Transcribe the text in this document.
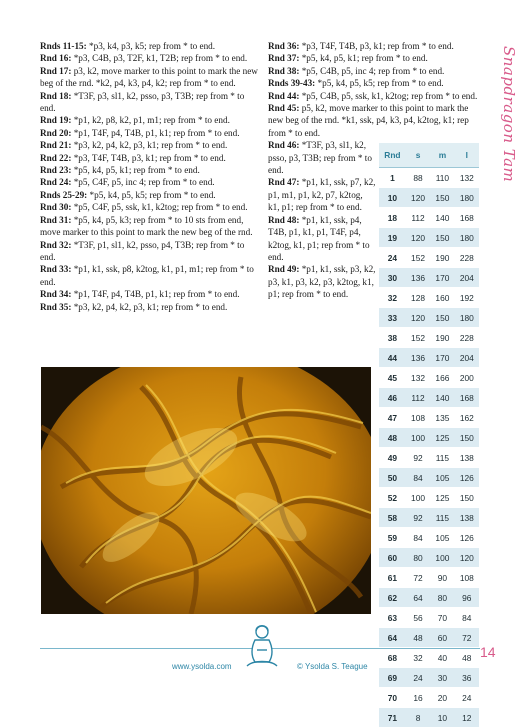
Snapdragon Tam

Rnds 11-15: *p3, k4, p3, k5; rep from * to end.

Rnd 16: *p3, C4B, p3, T2F, k1, T2B; rep from * to end.

Rnd 17: p3, k2, move marker to this point to mark the new beg of the rnd. *k2, p4, k3, p4, k2; rep from * to end.

Rnd 18: *T3F, p3, sl1, k2, psso, p3, T3B; rep from * to end.

Rnd 19: *p1, k2, p8, k2, p1, m1; rep from * to end.

Rnd 20: *p1, T4F, p4, T4B, p1, k1; rep from * to end.

Rnd 21: *p3, k2, p4, k2, p3, k1; rep from * to end.

Rnd 22: *p3, T4F, T4B, p3, k1; rep from * to end.

Rnd 23: *p5, k4, p5, k1; rep from * to end.

Rnd 24: *p5, C4F, p5, inc 4; rep from * to end.

Rnds 25-29: *p5, k4, p5, k5; rep from * to end.

Rnd 30: *p5, C4F, p5, ssk, k1, k2tog; rep from * to end.

Rnd 31: *p5, k4, p5, k3; rep from * to 10 sts from end, move marker to this point to mark the new beg of the rnd.

Rnd 32: *T3F, p1, sl1, k2, psso, p4, T3B; rep from * to end.

Rnd 33: *p1, k1, ssk, p8, k2tog, k1, p1, m1; rep from * to end.

Rnd 34: *p1, T4F, p4, T4B, p1, k1; rep from * to end.

Rnd 35: *p3, k2, p4, k2, p3, k1; rep from * to end.

Rnd 36: *p3, T4F, T4B, p3, k1; rep from * to end.

Rnd 37: *p5, k4, p5, k1; rep from * to end.

Rnd 38: *p5, C4B, p5, inc 4; rep from * to end.

Rnds 39-43: *p5, k4, p5, k5; rep from * to end.

Rnd 44: *p5, C4B, p5, ssk, k1, k2tog; rep from * to end.

Rnd 45: p5, k2, move marker to this point to mark the new beg of the rnd. *k1, ssk, p4, k3, p4, k2tog, k1; rep from * to end.

Rnd 46: *T3F, p3, sl1, k2, psso, p3, T3B; rep from * to end.

Rnd 47: *p1, k1, ssk, p7, k2, p1, m1, p1, k2, p7, k2tog, k1, p1; rep from * to end.

Rnd 48: *p1, k1, ssk, p4, T4B, p1, k1, p1, T4F, p4, k2tog, k1, p1; rep from * to end.

Rnd 49: *p1, k1, ssk, p3, k2, p3, k1, p3, k2, p3, k2tog, k1, p1; rep from * to end.

Rnd	s	m	l
1	88	110	132
10	120	150	180
18	112	140	168
19	120	150	180
24	152	190	228
30	136	170	204
32	128	160	192
33	120	150	180
38	152	190	228
44	136	170	204
45	132	166	200
46	112	140	168
47	108	135	162
48	100	125	150
49	92	115	138
50	84	105	126
52	100	125	150
58	92	115	138
59	84	105	126
60	80	100	120
61	72	90	108
62	64	80	96
63	56	70	84
64	48	60	72
68	32	40	48
69	24	30	36
70	16	20	24
71	8	10	12
www.ysolda.com	© Ysolda S. Teague
14
